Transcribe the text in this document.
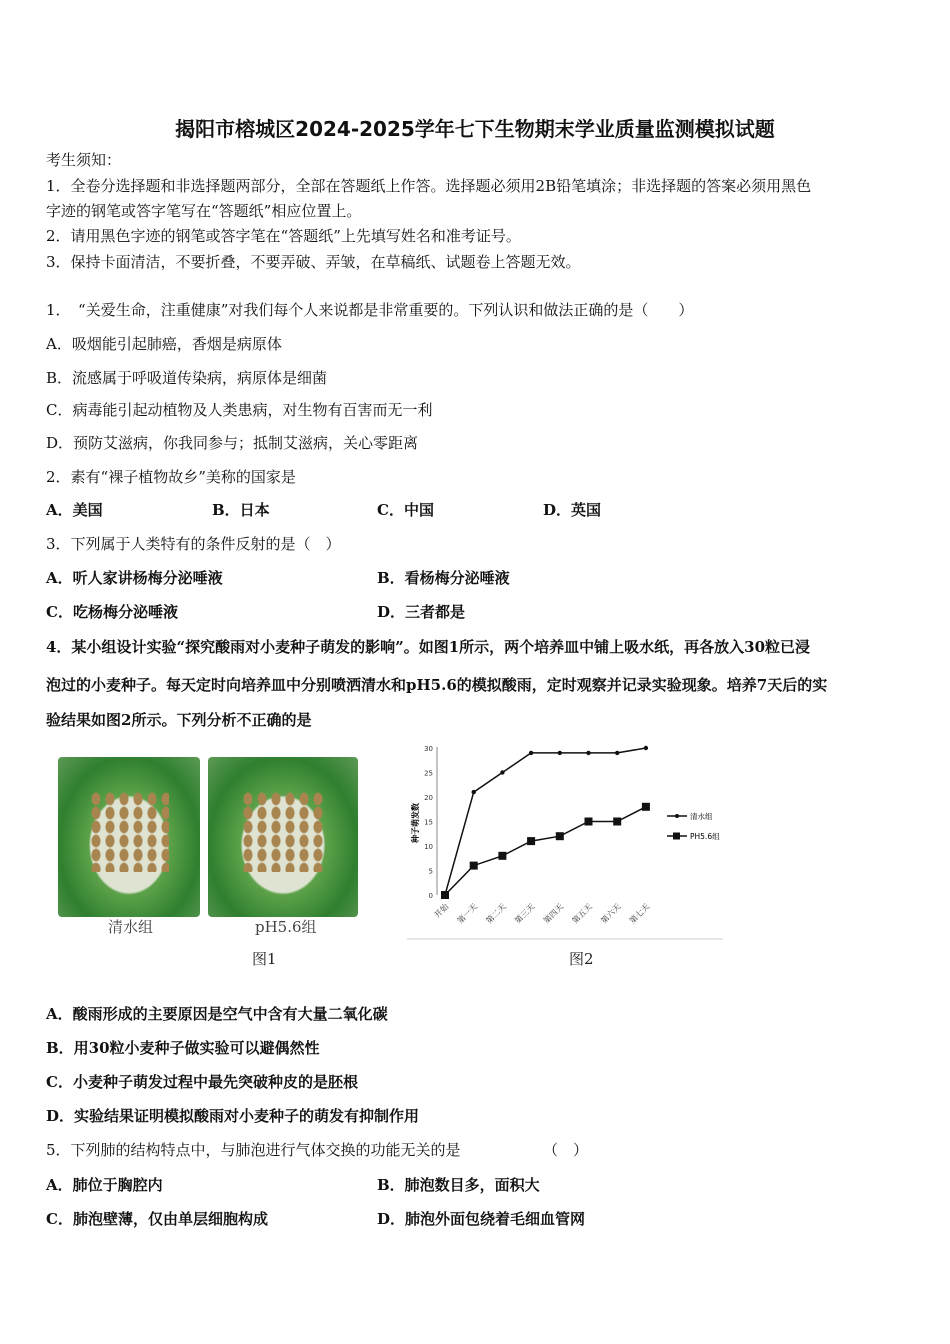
揭阳市榕城区2024-2025学年七下生物期末学业质量监测模拟试题
考生须知：
1．全卷分选择题和非选择题两部分，全部在答题纸上作答。选择题必须用2B铅笔填涂；非选择题的答案必须用黑色
字迹的钢笔或答字笔写在“答题纸”相应位置上。
2．请用黑色字迹的钢笔或答字笔在“答题纸”上先填写姓名和准考证号。
3．保持卡面清洁，不要折叠，不要弄破、弄皱，在草稿纸、试题卷上答题无效。
1．　“关爱生命，注重健康”对我们每个人来说都是非常重要的。下列认识和做法正确的是（　　）
A．吸烟能引起肺癌，香烟是病原体
B．流感属于呼吸道传染病，病原体是细菌
C．病毒能引起动植物及人类患病，对生物有百害而无一利
D．预防艾滋病，你我同参与；抵制艾滋病，关心零距离
2．素有“裸子植物故乡”美称的国家是
A．美国	B．日本	C．中国	D．英国
3．下列属于人类特有的条件反射的是（　）
A．听人家讲杨梅分泌唾液	B．看杨梅分泌唾液
C．吃杨梅分泌唾液	D．三者都是
4．某小组设计实验“探究酸雨对小麦种子萌发的影响”。如图1所示，两个培养皿中铺上吸水纸，再各放入30粒已浸
泡过的小麦种子。每天定时向培养皿中分别喷洒清水和pH5.6的模拟酸雨，定时观察并记录实验现象。培养7天后的实
验结果如图2所示。下列分析不正确的是
清水组	pH5.6组
图1	图2
0
5
10
15
20
25
30
种子萌发数
开始 第一天 第二天 第三天 第四天 第五天 第六天 第七天
清水组
PH5.6组
A．酸雨形成的主要原因是空气中含有大量二氧化碳
B．用30粒小麦种子做实验可以避偶然性
C．小麦种子萌发过程中最先突破种皮的是胚根
D．实验结果证明模拟酸雨对小麦种子的萌发有抑制作用
5．下列肺的结构特点中，与肺泡进行气体交换的功能无关的是　　　　　　（　）
A．肺位于胸腔内	B．肺泡数目多，面积大
C．肺泡壁薄，仅由单层细胞构成	D．肺泡外面包绕着毛细血管网
